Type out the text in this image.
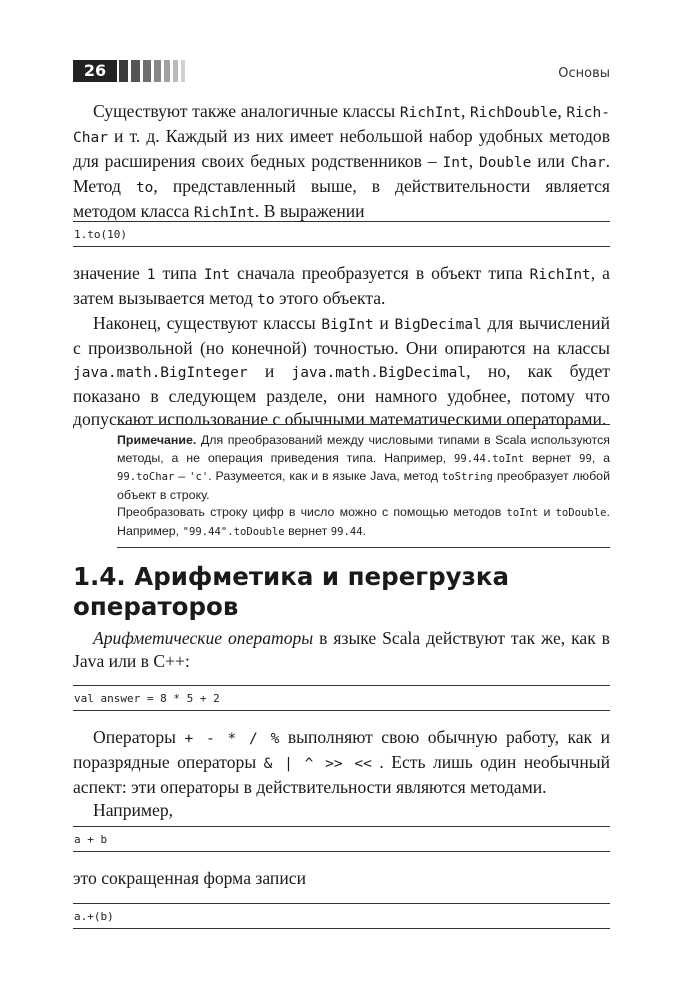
26	Основы

Существуют также аналогичные классы RichInt, RichDouble, Rich-Char и т. д. Каждый из них имеет небольшой набор удобных методов для расширения своих бедных родственников – Int, Double или Char. Метод to, представленный выше, в действительности является методом класса RichInt. В выражении

1.to(10)

значение 1 типа Int сначала преобразуется в объект типа RichInt, а затем вызывается метод to этого объекта.

Наконец, существуют классы BigInt и BigDecimal для вычислений с произвольной (но конечной) точностью. Они опираются на классы java.math.BigInteger и java.math.BigDecimal, но, как будет показано в следующем разделе, они намного удобнее, потому что допускают использование с обычными математическими операторами.

Примечание. Для преобразований между числовыми типами в Scala используются методы, а не операция приведения типа. Например, 99.44.toInt вернет 99, а 99.toChar – 'c'. Разумеется, как и в языке Java, метод toString преобразует любой объект в строку.

Преобразовать строку цифр в число можно с помощью методов toInt и toDouble. Например, "99.44".toDouble вернет 99.44.

1.4. Арифметика и перегрузка операторов

Арифметические операторы в языке Scala действуют так же, как в Java или в C++:

val answer = 8 * 5 + 2

Операторы + - * / % выполняют свою обычную работу, как и поразрядные операторы & | ^ >> << . Есть лишь один необычный аспект: эти операторы в действительности являются методами.

Например,

a + b

это сокращенная форма записи

a.+(b)
